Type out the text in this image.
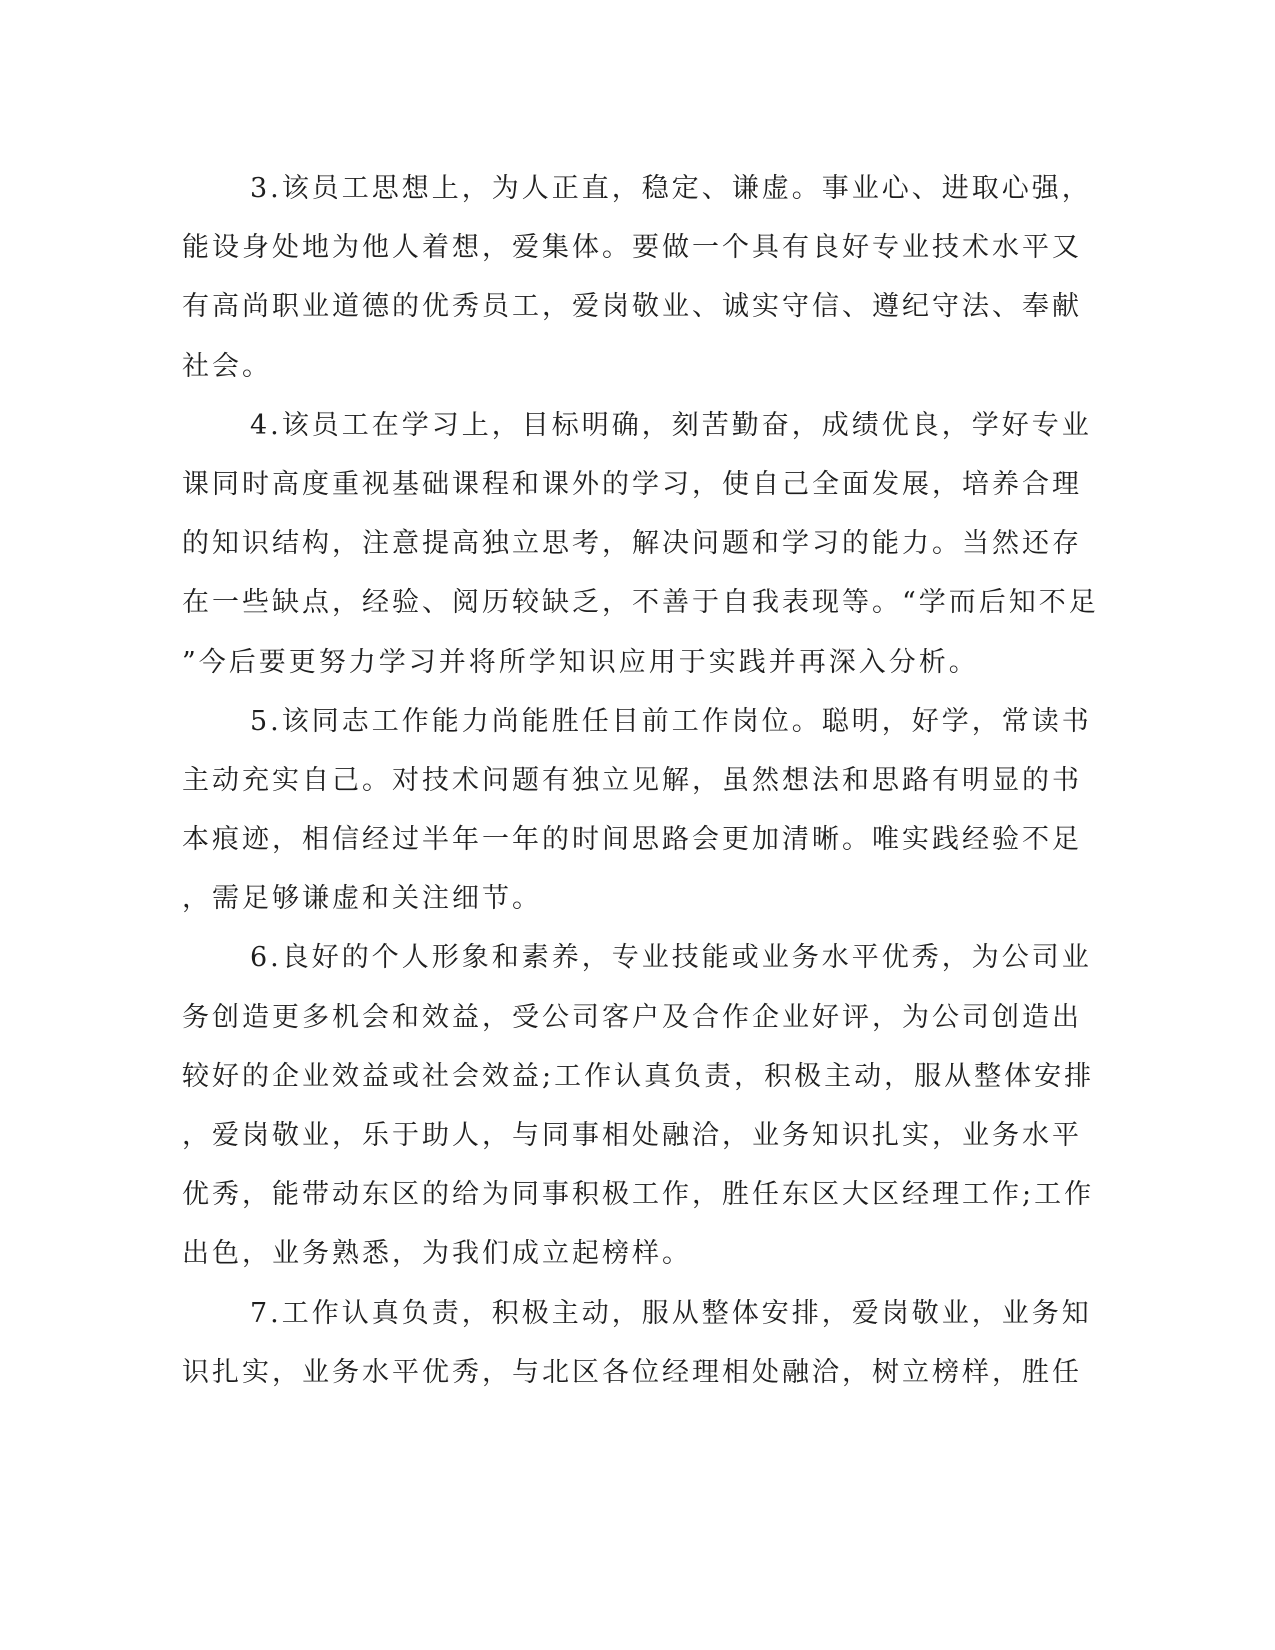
3.该员工思想上，为人正直，稳定、谦虚。事业心、进取心强，
能设身处地为他人着想，爱集体。要做一个具有良好专业技术水平又
有高尚职业道德的优秀员工，爱岗敬业、诚实守信、遵纪守法、奉献
社会。
4.该员工在学习上，目标明确，刻苦勤奋，成绩优良，学好专业
课同时高度重视基础课程和课外的学习，使自己全面发展，培养合理
的知识结构，注意提高独立思考，解决问题和学习的能力。当然还存
在一些缺点，经验、阅历较缺乏，不善于自我表现等。“学而后知不足
”今后要更努力学习并将所学知识应用于实践并再深入分析。
5.该同志工作能力尚能胜任目前工作岗位。聪明，好学，常读书
主动充实自己。对技术问题有独立见解，虽然想法和思路有明显的书
本痕迹，相信经过半年一年的时间思路会更加清晰。唯实践经验不足
，需足够谦虚和关注细节。
6.良好的个人形象和素养，专业技能或业务水平优秀，为公司业
务创造更多机会和效益，受公司客户及合作企业好评，为公司创造出
较好的企业效益或社会效益;工作认真负责，积极主动，服从整体安排
，爱岗敬业，乐于助人，与同事相处融洽，业务知识扎实，业务水平
优秀，能带动东区的给为同事积极工作，胜任东区大区经理工作;工作
出色，业务熟悉，为我们成立起榜样。
7.工作认真负责，积极主动，服从整体安排，爱岗敬业，业务知
识扎实，业务水平优秀，与北区各位经理相处融洽，树立榜样，胜任
